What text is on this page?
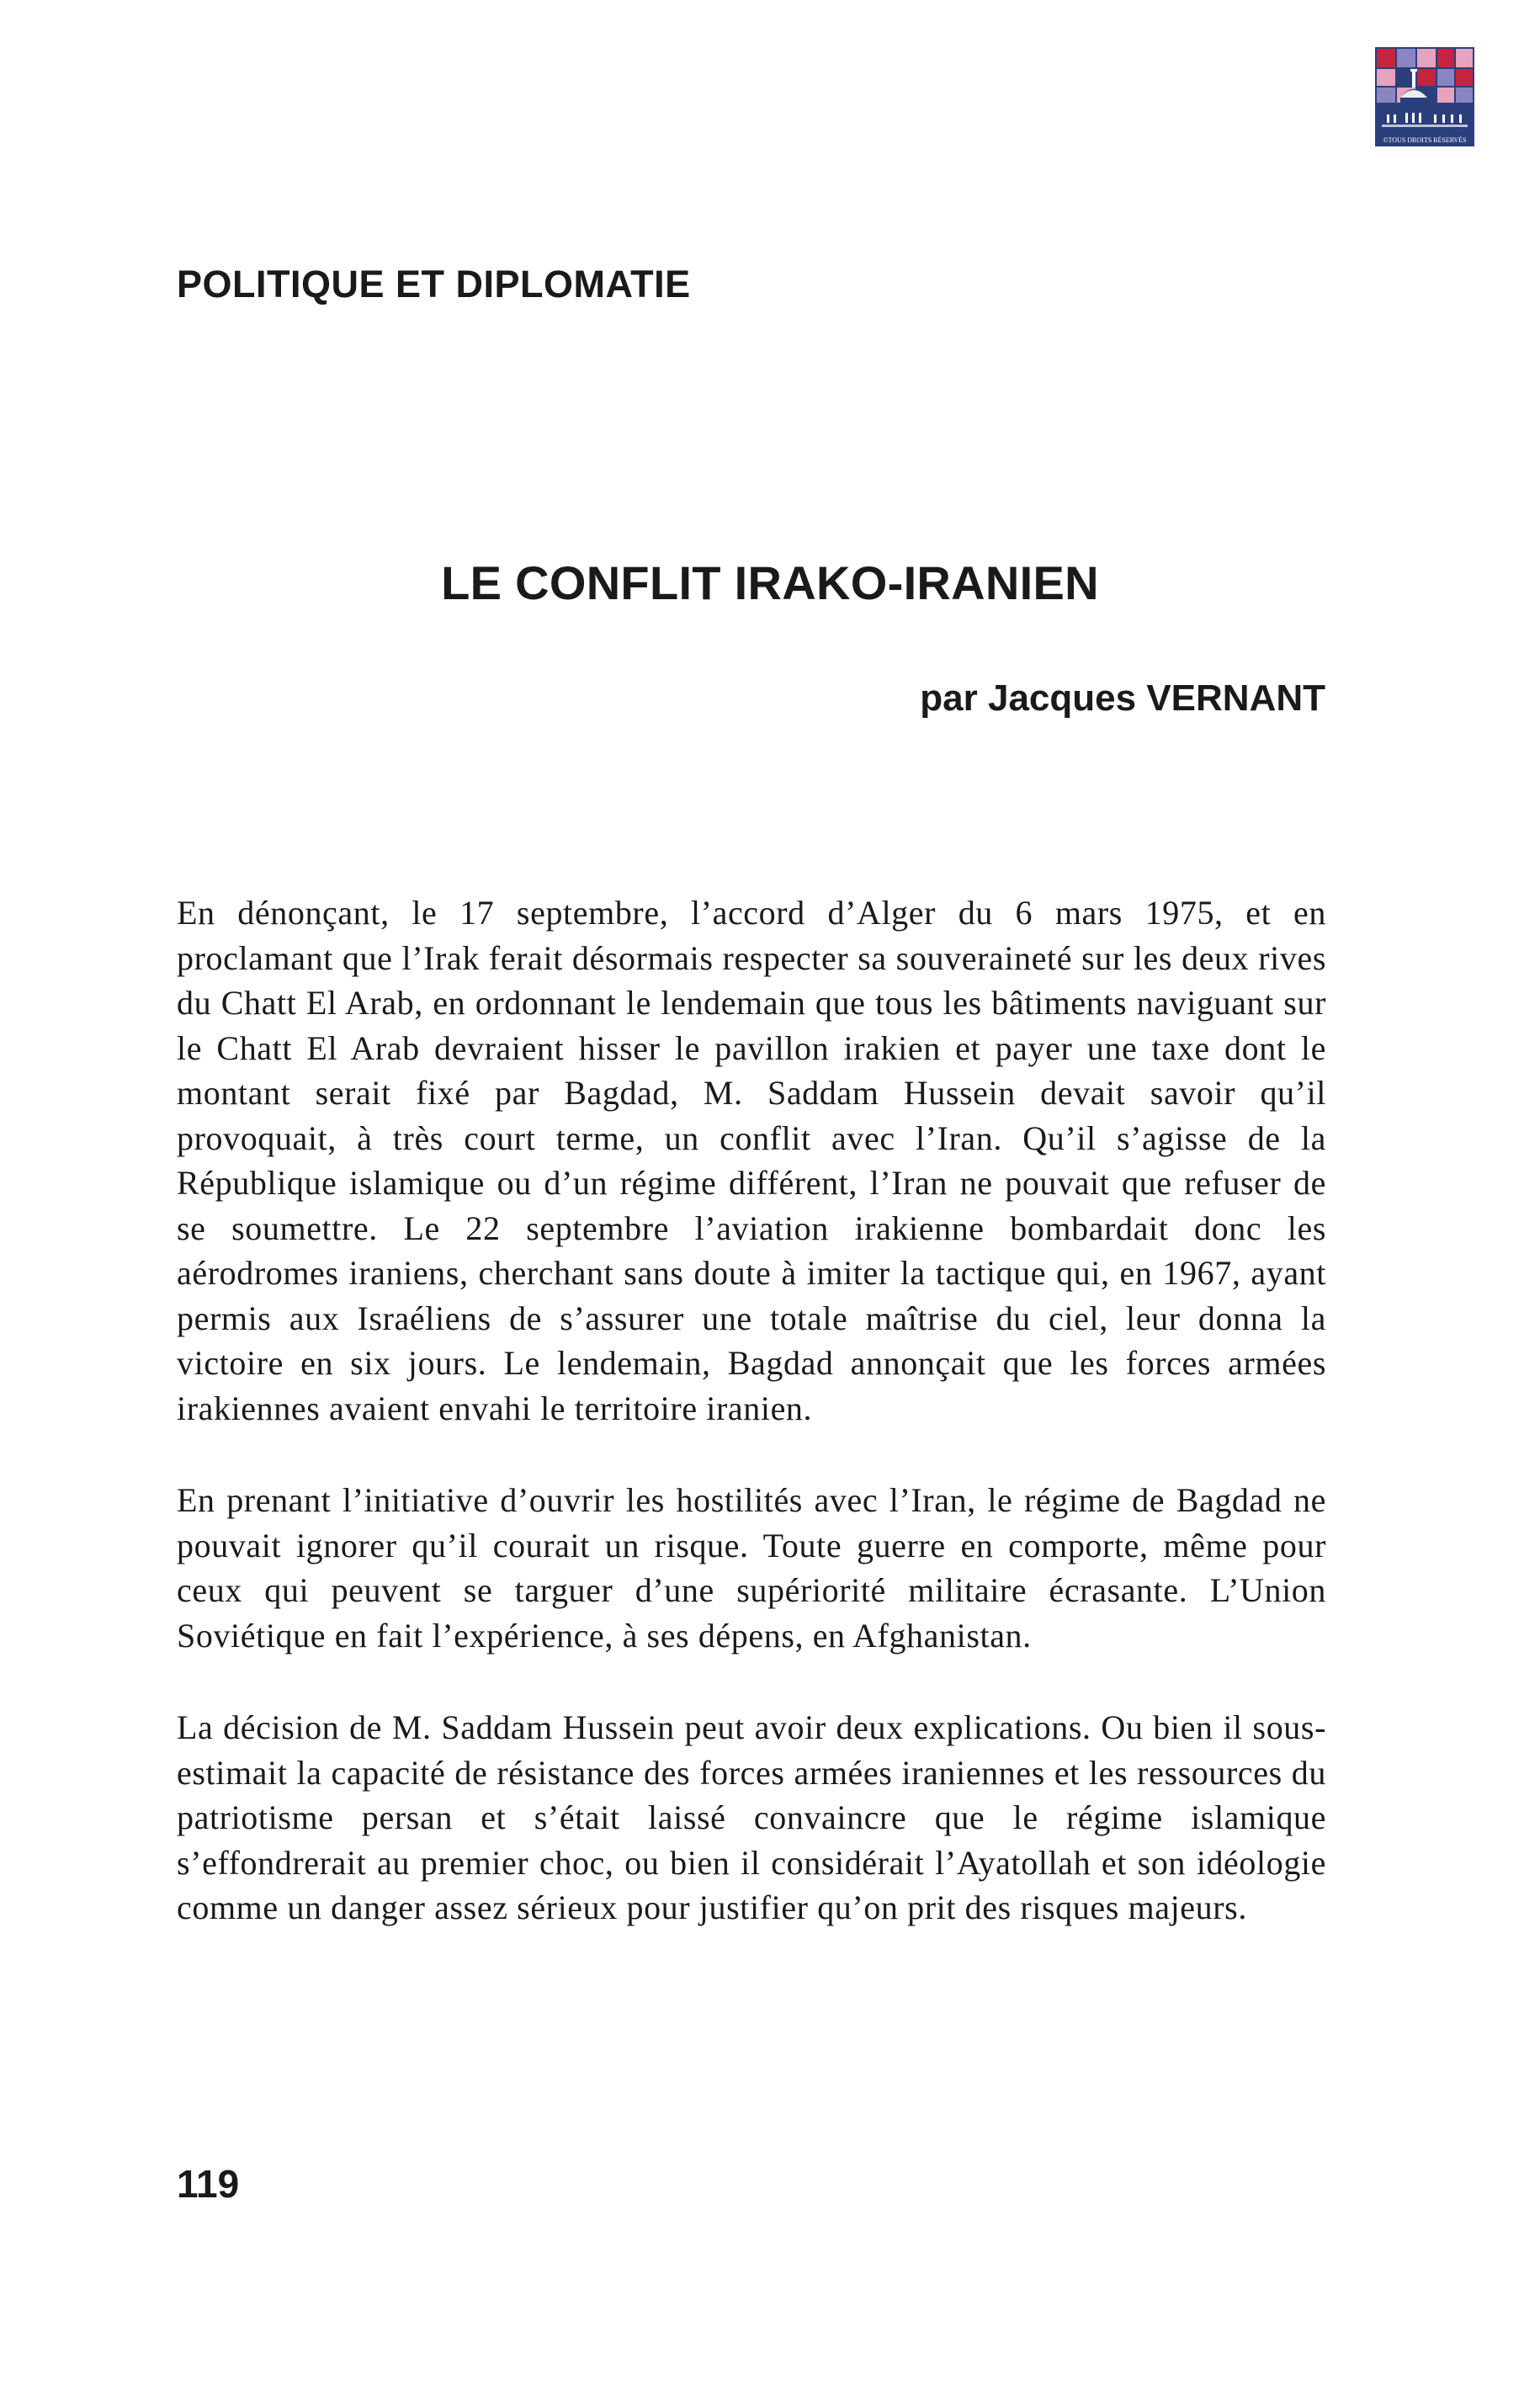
©TOUS DROITS RÉSERVÉS
POLITIQUE ET DIPLOMATIE
LE CONFLIT IRAKO-IRANIEN

par Jacques VERNANT

En dénonçant, le 17 septembre, l’accord d’Alger du 6 mars 1975, et en proclamant que l’Irak ferait désormais respecter sa souveraineté sur les deux rives du Chatt El Arab, en ordonnant le lendemain que tous les bâtiments naviguant sur le Chatt El Arab devraient hisser le pavillon irakien et payer une taxe dont le montant serait fixé par Bagdad, M. Saddam Hussein devait savoir qu’il provoquait, à très court terme, un conflit avec l’Iran. Qu’il s’agisse de la République islamique ou d’un régime différent, l’Iran ne pouvait que refuser de se soumettre. Le 22 septembre l’aviation irakienne bombardait donc les aérodromes iraniens, cherchant sans doute à imiter la tactique qui, en 1967, ayant permis aux Israéliens de s’assurer une totale maîtrise du ciel, leur donna la victoire en six jours. Le lendemain, Bagdad annonçait que les forces armées irakiennes avaient envahi le territoire iranien.

En prenant l’initiative d’ouvrir les hostilités avec l’Iran, le régime de Bagdad ne pouvait ignorer qu’il courait un risque. Toute guerre en comporte, même pour ceux qui peuvent se targuer d’une supériorité militaire écrasante. L’Union Soviétique en fait l’expérience, à ses dépens, en Afghanistan.

La décision de M. Saddam Hussein peut avoir deux explications. Ou bien il sous-estimait la capacité de résistance des forces armées iraniennes et les ressources du patriotisme persan et s’était laissé convaincre que le régime islamique s’effondrerait au premier choc, ou bien il considérait l’Ayatollah et son idéologie comme un danger assez sérieux pour justifier qu’on prit des risques majeurs.

119
